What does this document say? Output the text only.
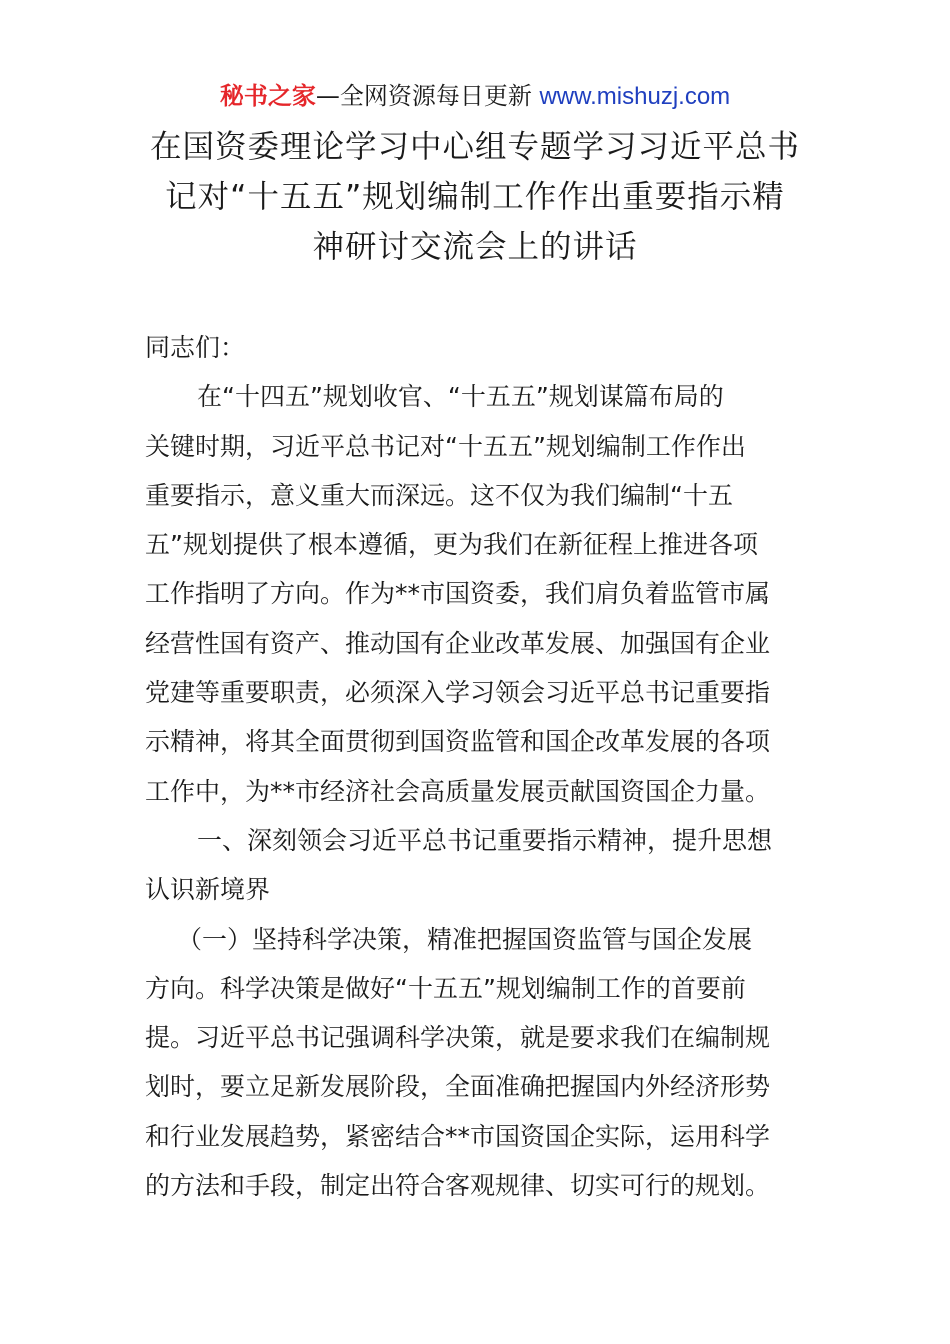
秘书之家—全网资源每日更新 www.mishuzj.com
在国资委理论学习中心组专题学习习近平总书
记对“十五五”规划编制工作作出重要指示精
神研讨交流会上的讲话
同志们：
在“十四五”规划收官、“十五五”规划谋篇布局的
关键时期，习近平总书记对“十五五”规划编制工作作出
重要指示，意义重大而深远。这不仅为我们编制“十五
五”规划提供了根本遵循，更为我们在新征程上推进各项
工作指明了方向。作为**市国资委，我们肩负着监管市属
经营性国有资产、推动国有企业改革发展、加强国有企业
党建等重要职责，必须深入学习领会习近平总书记重要指
示精神，将其全面贯彻到国资监管和国企改革发展的各项
工作中，为**市经济社会高质量发展贡献国资国企力量。
一、深刻领会习近平总书记重要指示精神，提升思想
认识新境界
（一）坚持科学决策，精准把握国资监管与国企发展
方向。科学决策是做好“十五五”规划编制工作的首要前
提。习近平总书记强调科学决策，就是要求我们在编制规
划时，要立足新发展阶段，全面准确把握国内外经济形势
和行业发展趋势，紧密结合**市国资国企实际，运用科学
的方法和手段，制定出符合客观规律、切实可行的规划。
